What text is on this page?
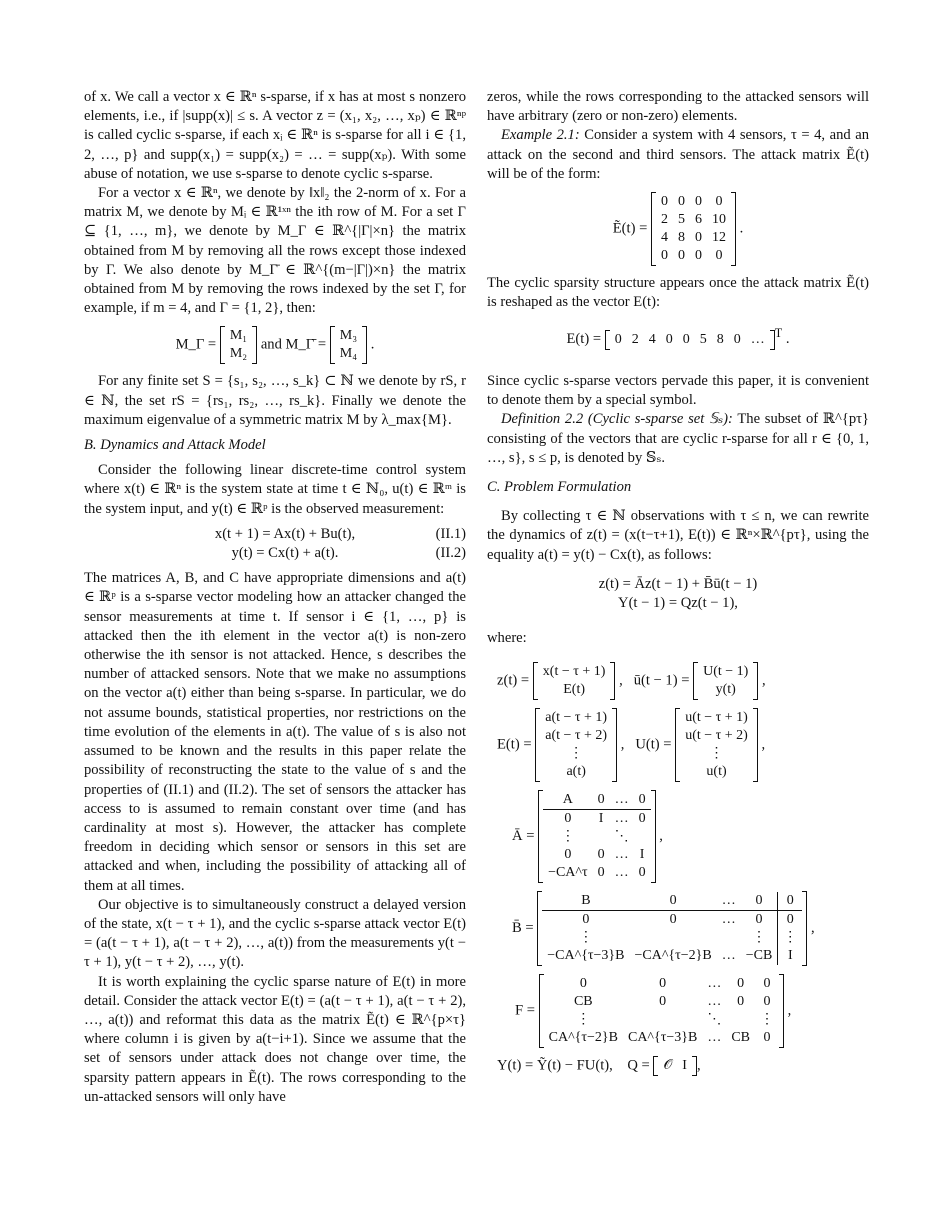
of x. We call a vector x ∈ ℝⁿ s-sparse, if x has at most s nonzero elements, i.e., if |supp(x)| ≤ s. A vector z = (x₁, x₂, …, xₚ) ∈ ℝⁿᵖ is called cyclic s-sparse, if each xᵢ ∈ ℝⁿ is s-sparse for all i ∈ {1, 2, …, p} and supp(x₁) = supp(x₂) = … = supp(xₚ). With some abuse of notation, we use s-sparse to denote cyclic s-sparse.

For a vector x ∈ ℝⁿ, we denote by ‖x‖₂ the 2-norm of x. For a matrix M, we denote by Mᵢ ∈ ℝ¹ˣⁿ the ith row of M. For a set Γ ⊆ {1, …, m}, we denote by M_Γ ∈ ℝ^{|Γ|×n} the matrix obtained from M by removing all the rows except those indexed by Γ. We also denote by M_Γ̄ ∈ ℝ^{(m−|Γ|)×n} the matrix obtained from M by removing the rows indexed by the set Γ, for example, if m = 4, and Γ = {1, 2}, then:

M_Γ =
M₁
M₂
and M_Γ̄ =
M₃
M₄
.

For any finite set S = {s₁, s₂, …, s_k} ⊂ ℕ we denote by rS, r ∈ ℕ, the set rS = {rs₁, rs₂, …, rs_k}. Finally we denote the maximum eigenvalue of a symmetric matrix M by λ_max{M}.

B. Dynamics and Attack Model

Consider the following linear discrete-time control system where x(t) ∈ ℝⁿ is the system state at time t ∈ ℕ₀, u(t) ∈ ℝᵐ is the system input, and y(t) ∈ ℝᵖ is the observed measurement:

x(t + 1) = Ax(t) + Bu(t),	(II.1)
y(t) = Cx(t) + a(t).	(II.2)

The matrices A, B, and C have appropriate dimensions and a(t) ∈ ℝᵖ is a s-sparse vector modeling how an attacker changed the sensor measurements at time t. If sensor i ∈ {1, …, p} is attacked then the ith element in the vector a(t) is non-zero otherwise the ith sensor is not attacked. Hence, s describes the number of attacked sensors. Note that we make no assumptions on the vector a(t) either than being s-sparse. In particular, we do not assume bounds, statistical properties, nor restrictions on the time evolution of the elements in a(t). The value of s is also not assumed to be known and the results in this paper relate the possibility of reconstructing the state to the value of s and the properties of (II.1) and (II.2). The set of sensors the attacker has access to is assumed to remain constant over time (and has cardinality at most s). However, the attacker has complete freedom in deciding which sensor or sensors in this set are attacked and when, including the possibility of attacking all of them at all times.

Our objective is to simultaneously construct a delayed version of the state, x(t − τ + 1), and the cyclic s-sparse attack vector E(t) = (a(t − τ + 1), a(t − τ + 2), …, a(t)) from the measurements y(t − τ + 1), y(t − τ + 2), …, y(t).

It is worth explaining the cyclic sparse nature of E(t) in more detail. Consider the attack vector E(t) = (a(t − τ + 1), a(t − τ + 2), …, a(t)) and reformat this data as the matrix Ẽ(t) ∈ ℝ^{p×τ} where column i is given by a(t−i+1). Since we assume that the set of sensors under attack does not change over time, the sparsity pattern appears in Ẽ(t). The rows corresponding to the un-attacked sensors will only have

zeros, while the rows corresponding to the attacked sensors will have arbitrary (zero or non-zero) elements.

Example 2.1: Consider a system with 4 sensors, τ = 4, and an attack on the second and third sensors. The attack matrix Ẽ(t) will be of the form:

Ẽ(t) =
0	0	0	0
2	5	6	10
4	8	0	12
0	0	0	0
.

The cyclic sparsity structure appears once the attack matrix Ẽ(t) is reshaped as the vector E(t):

E(t) = 0	2	4	0	0	5	8	0	… $^T$ .

Since cyclic s-sparse vectors pervade this paper, it is convenient to denote them by a special symbol.

Definition 2.2 (Cyclic s-sparse set 𝕊ₛ): The subset of ℝ^{pτ} consisting of the vectors that are cyclic r-sparse for all r ∈ {0, 1, …, s}, s ≤ p, is denoted by 𝕊ₛ.

C. Problem Formulation

By collecting τ ∈ ℕ observations with τ ≤ n, we can rewrite the dynamics of z(t) = (x(t−τ+1), E(t)) ∈ ℝⁿ×ℝ^{pτ}, using the equality a(t) = y(t) − Cx(t), as follows:

z(t) = Āz(t − 1) + B̄ū(t − 1)
Y(t − 1) = Qz(t − 1),

where:

z(t) =
x(t − τ + 1)
E(t)
,   ū(t − 1) =
U(t − 1)
y(t)
,
E(t) =
a(t − τ + 1)
a(t − τ + 2)
⋮
a(t)
,   U(t) =
u(t − τ + 1)
u(t − τ + 2)
⋮
u(t)
,
Ā =
A	0	…	0
0	I	…	0
⋮		⋱	
0	0	…	I
−CA^τ	0	…	0
,
B̄ =
B	0	…	0	0
0	0	…	0	0
⋮			⋮	⋮
−CA^{τ−3}B	−CA^{τ−2}B	…	−CB	I
,
F =
0	0	…	0	0
CB	0	…	0	0
⋮		⋱		⋮
CA^{τ−2}B	CA^{τ−3}B	…	CB	0
,
Y(t) = Ỹ(t) − FU(t), Q = 𝒪	I ,
